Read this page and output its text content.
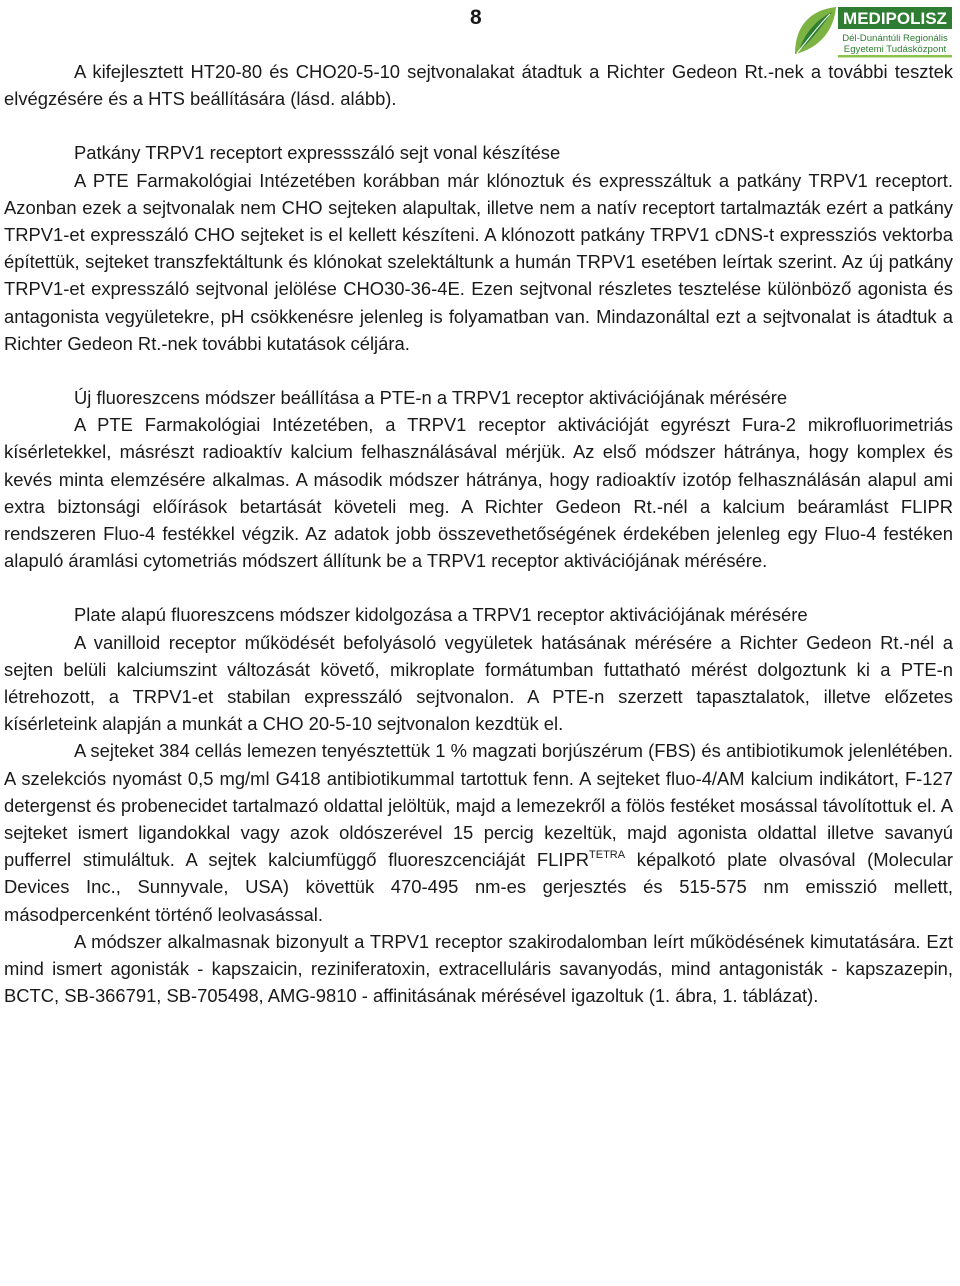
8	MEDIPOLISZ
Dél-Dunántúli Regionális
Egyetemi Tudásközpont

A kifejlesztett HT20-80 és CHO20-5-10 sejtvonalakat átadtuk a Richter Gedeon Rt.-nek a további tesztek elvégzésére és a HTS beállítására (lásd. alább).

Patkány TRPV1 receptort expressszáló sejt vonal készítése

A PTE Farmakológiai Intézetében korábban már klónoztuk és expresszáltuk a patkány TRPV1 receptort. Azonban ezek a sejtvonalak nem CHO sejteken alapultak, illetve nem a natív receptort tartalmazták ezért a patkány TRPV1-et expresszáló CHO sejteket is el kellett készíteni. A klónozott patkány TRPV1 cDNS-t expressziós vektorba építettük, sejteket transzfektáltunk és klónokat szelektáltunk a humán TRPV1 esetében leírtak szerint. Az új patkány TRPV1-et expresszáló sejtvonal jelölése CHO30-36-4E. Ezen sejtvonal részletes tesztelése különböző agonista és antagonista vegyületekre, pH csökkenésre jelenleg is folyamatban van. Mindazonáltal ezt a sejtvonalat is átadtuk a Richter Gedeon Rt.-nek további kutatások céljára.

Új fluoreszcens módszer beállítása a PTE-n a TRPV1 receptor aktivációjának mérésére

A PTE Farmakológiai Intézetében, a TRPV1 receptor aktivációját egyrészt Fura-2 mikrofluorimetriás kísérletekkel, másrészt radioaktív kalcium felhasználásával mérjük. Az első módszer hátránya, hogy komplex és kevés minta elemzésére alkalmas. A második módszer hátránya, hogy radioaktív izotóp felhasználásán alapul ami extra biztonsági előírások betartását követeli meg. A Richter Gedeon Rt.-nél a kalcium beáramlást FLIPR rendszeren Fluo-4 festékkel végzik. Az adatok jobb összevethetőségének érdekében jelenleg egy Fluo-4 festéken alapuló áramlási cytometriás módszert állítunk be a TRPV1 receptor aktivációjának mérésére.

Plate alapú fluoreszcens módszer kidolgozása a TRPV1 receptor aktivációjának mérésére

A vanilloid receptor működését befolyásoló vegyületek hatásának mérésére a Richter Gedeon Rt.-nél a sejten belüli kalciumszint változását követő, mikroplate formátumban futtatható mérést dolgoztunk ki a PTE-n létrehozott, a TRPV1-et stabilan expresszáló sejtvonalon. A PTE-n szerzett tapasztalatok, illetve előzetes kísérleteink alapján a munkát a CHO 20-5-10 sejtvonalon kezdtük el.

A sejteket 384 cellás lemezen tenyésztettük 1 % magzati borjúszérum (FBS) és antibiotikumok jelenlétében. A szelekciós nyomást 0,5 mg/ml G418 antibiotikummal tartottuk fenn. A sejteket fluo-4/AM kalcium indikátort, F-127 detergenst és probenecidet tartalmazó oldattal jelöltük, majd a lemezekről a fölös festéket mosással távolítottuk el. A sejteket ismert ligandokkal vagy azok oldószerével 15 percig kezeltük, majd agonista oldattal illetve savanyú pufferrel stimuláltuk. A sejtek kalciumfüggő fluoreszcenciáját $FLIPR^{TETRA}$ képalkotó plate olvasóval (Molecular Devices Inc., Sunnyvale, USA) követtük 470-495 nm-es gerjesztés és 515-575 nm emisszió mellett, másodpercenként történő leolvasással.

A módszer alkalmasnak bizonyult a TRPV1 receptor szakirodalomban leírt működésének kimutatására. Ezt mind ismert agonisták - kapszaicin, reziniferatoxin, extracelluláris savanyodás, mind antagonisták - kapszazepin, BCTC, SB-366791, SB-705498, AMG-9810 - affinitásának mérésével igazoltuk (1. ábra, 1. táblázat).
